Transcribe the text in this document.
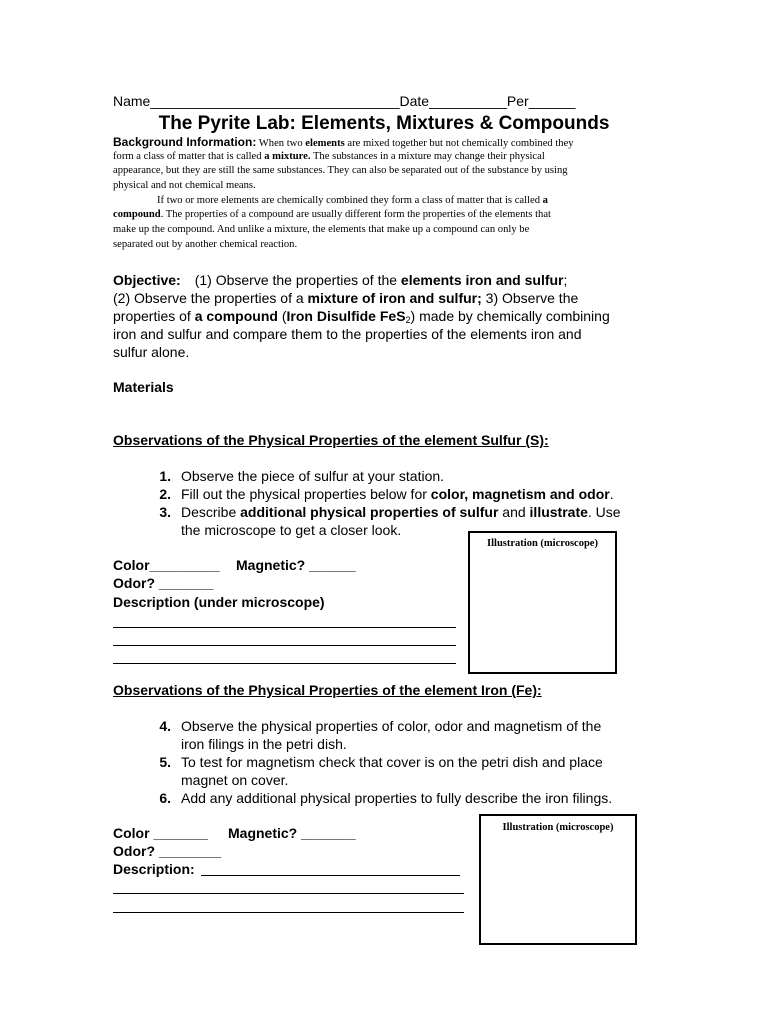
Name________________________________Date__________Per______
The Pyrite Lab: Elements, Mixtures & Compounds
Background Information: When two elements are mixed together but not chemically combined they
form a class of matter that is called a mixture. The substances in a mixture may change their physical
appearance, but they are still the same substances. They can also be separated out of the substance by using
physical and not chemical means.
If two or more elements are chemically combined they form a class of matter that is called a
compound. The properties of a compound are usually different form the properties of the elements that
make up the compound. And unlike a mixture, the elements that make up a compound can only be
separated out by another chemical reaction.
Objective: (1) Observe the properties of the elements iron and sulfur;
(2) Observe the properties of a mixture of iron and sulfur; 3) Observe the
properties of a compound (Iron Disulfide FeS$_2$) made by chemically combining
iron and sulfur and compare them to the properties of the elements iron and
sulfur alone.
Materials
Observations of the Physical Properties of the element Sulfur (S):
1. Observe the piece of sulfur at your station.
2. Fill out the physical properties below for color, magnetism and odor.
3. Describe additional physical properties of sulfur and illustrate. Use
the microscope to get a closer look.
Color_________ Magnetic? ______
Odor? _______
Description (under microscope)
Illustration (microscope)
Observations of the Physical Properties of the element Iron (Fe):
4. Observe the physical properties of color, odor and magnetism of the
iron filings in the petri dish.
5. To test for magnetism check that cover is on the petri dish and place
magnet on cover.
6. Add any additional physical properties to fully describe the iron filings.
Color _______ Magnetic? _______
Odor? ________
Description:
Illustration (microscope)
